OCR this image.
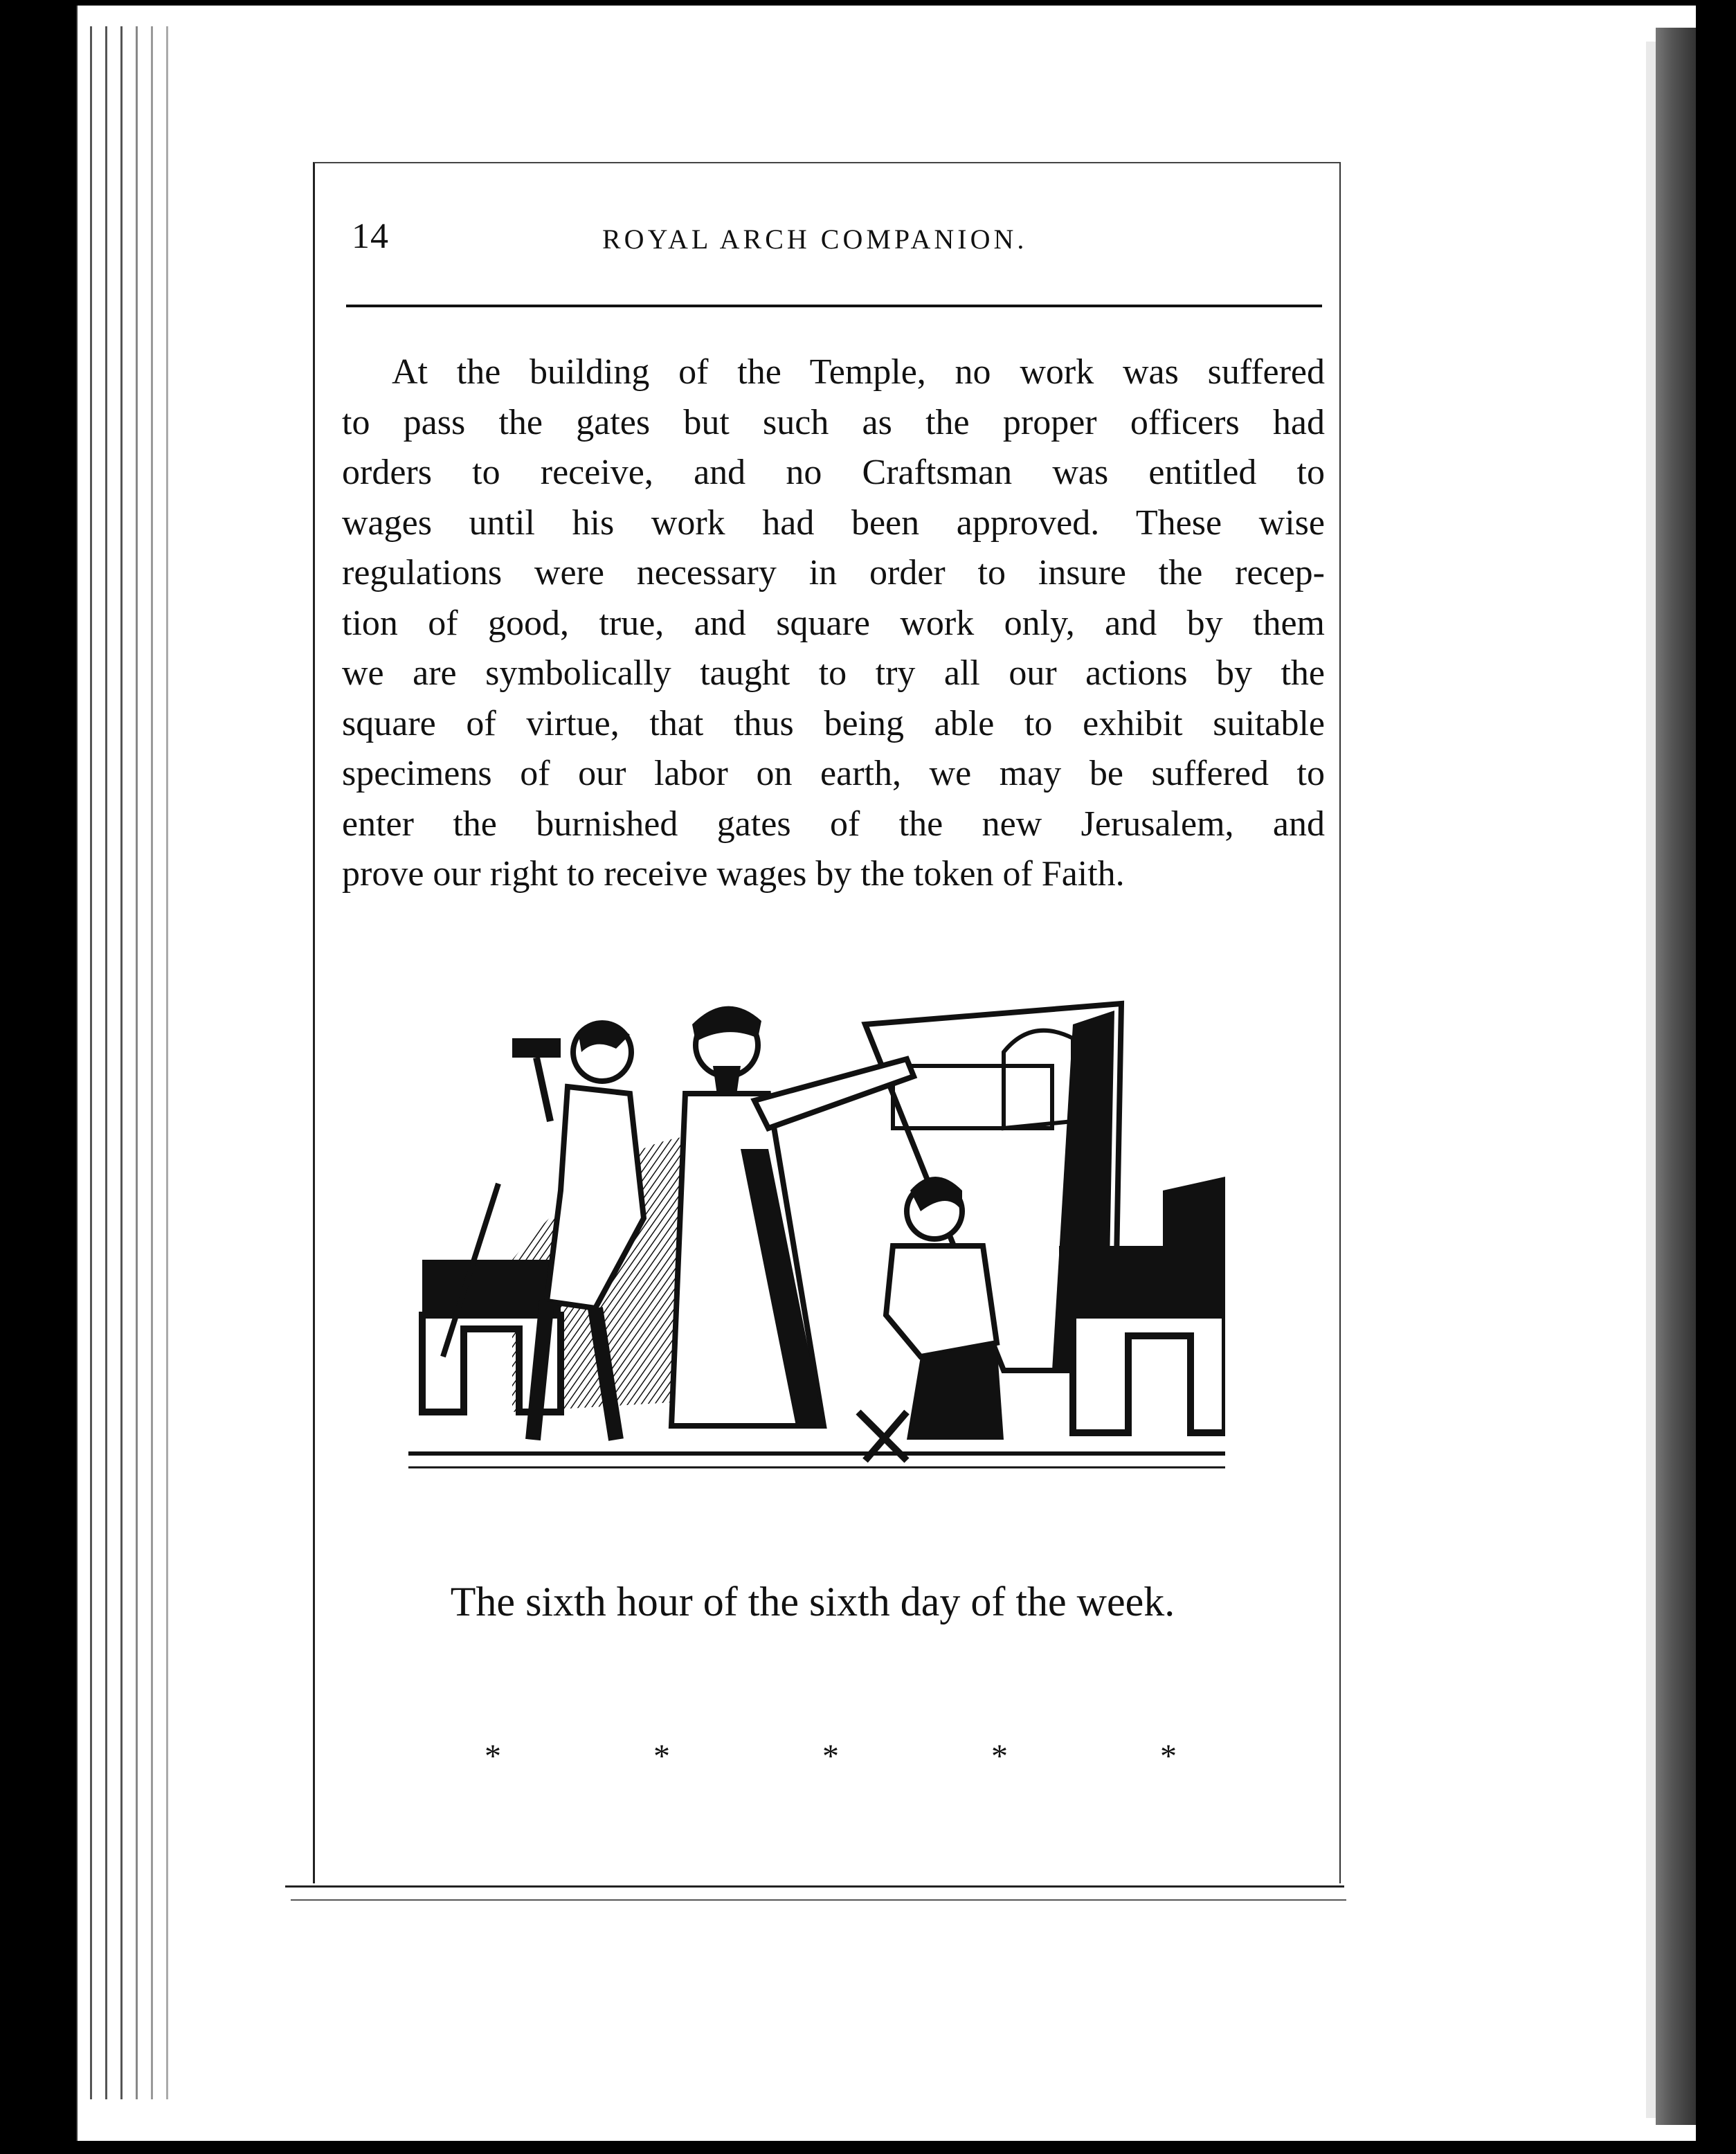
14	ROYAL ARCH COMPANION.
At the building of the Temple, no work was suffered
to pass the gates but such as the proper officers had
orders to receive, and no Craftsman was entitled to
wages until his work had been approved. These wise
regulations were necessary in order to insure the recep-
tion of good, true, and square work only, and by them
we are symbolically taught to try all our actions by the
square of virtue, that thus being able to exhibit suitable
specimens of our labor on earth, we may be suffered to
enter the burnished gates of the new Jerusalem, and
prove our right to receive wages by the token of Faith.
The sixth hour of the sixth day of the week.
*	*	*	*	*
